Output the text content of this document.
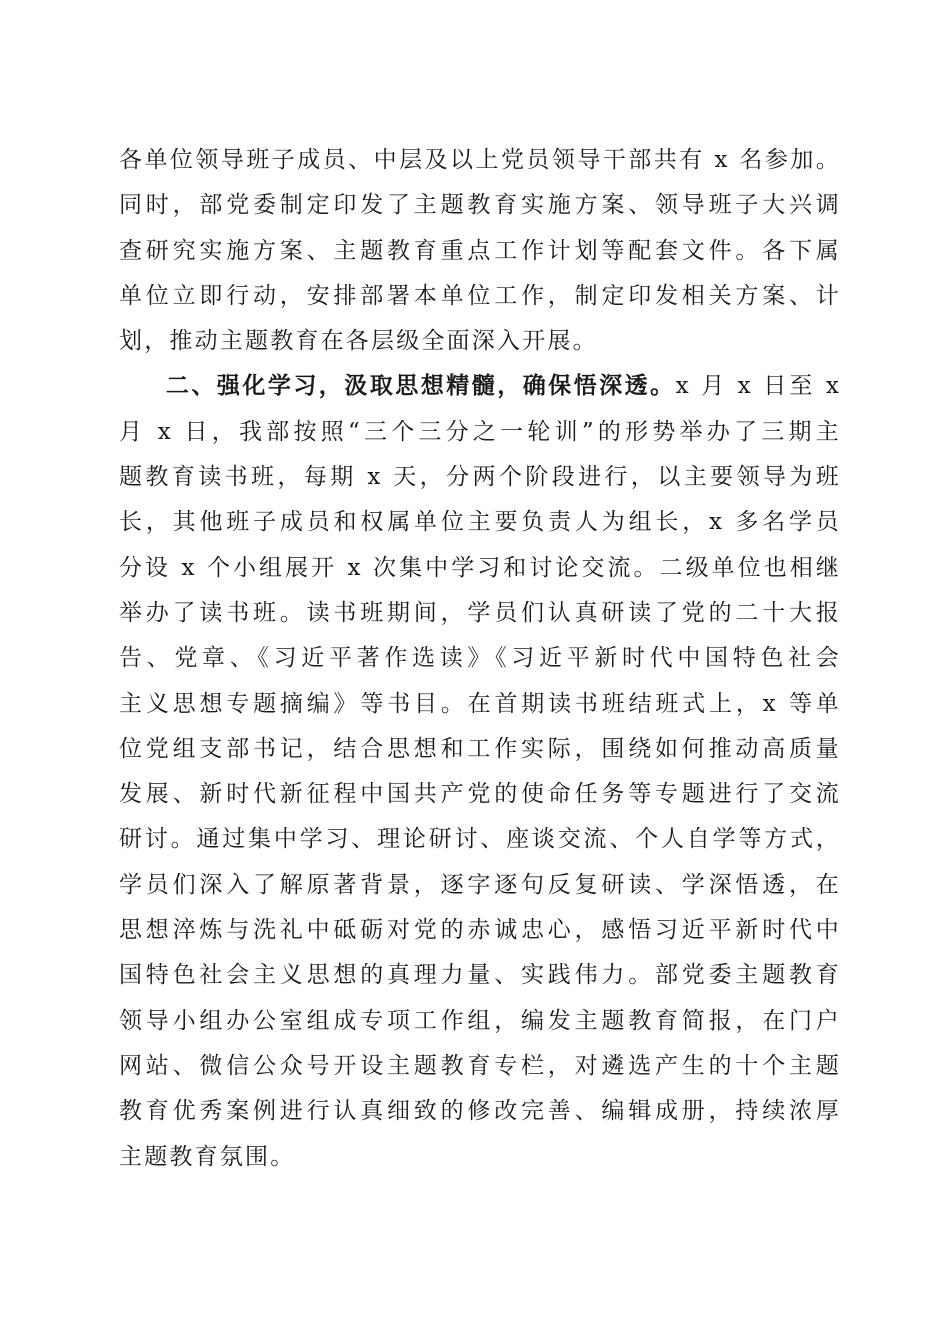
各单位领导班子成员、中层及以上党员领导干部共有 x 名参加。
同时，部党委制定印发了主题教育实施方案、领导班子大兴调
查研究实施方案、主题教育重点工作计划等配套文件。各下属
单位立即行动，安排部署本单位工作，制定印发相关方案、计
划，推动主题教育在各层级全面深入开展。
二、强化学习，汲取思想精髓，确保悟深透。x 月 x 日至 x
月 x 日，我部按照“三个三分之一轮训”的形势举办了三期主
题教育读书班，每期 x 天，分两个阶段进行，以主要领导为班
长，其他班子成员和权属单位主要负责人为组长，x 多名学员
分设 x 个小组展开 x 次集中学习和讨论交流。二级单位也相继
举办了读书班。读书班期间，学员们认真研读了党的二十大报
告、党章、《习近平著作选读》《习近平新时代中国特色社会
主义思想专题摘编》等书目。在首期读书班结班式上，x 等单
位党组支部书记，结合思想和工作实际，围绕如何推动高质量
发展、新时代新征程中国共产党的使命任务等专题进行了交流
研讨。通过集中学习、理论研讨、座谈交流、个人自学等方式，
学员们深入了解原著背景，逐字逐句反复研读、学深悟透，在
思想淬炼与洗礼中砥砺对党的赤诚忠心，感悟习近平新时代中
国特色社会主义思想的真理力量、实践伟力。部党委主题教育
领导小组办公室组成专项工作组，编发主题教育简报，在门户
网站、微信公众号开设主题教育专栏，对遴选产生的十个主题
教育优秀案例进行认真细致的修改完善、编辑成册，持续浓厚
主题教育氛围。
